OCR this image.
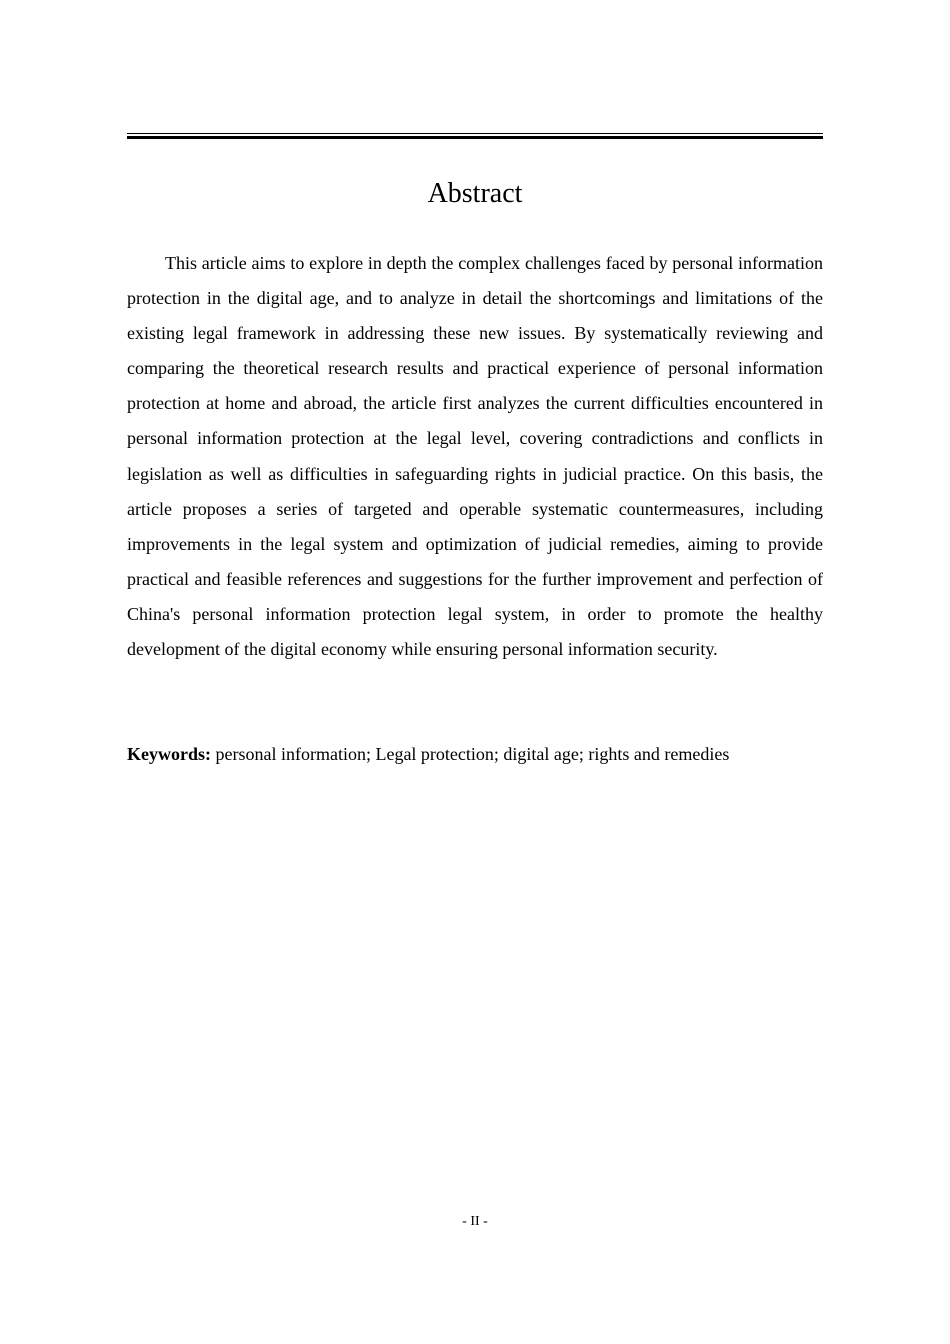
Abstract

This article aims to explore in depth the complex challenges faced by personal information protection in the digital age, and to analyze in detail the shortcomings and limitations of the existing legal framework in addressing these new issues. By systematically reviewing and comparing the theoretical research results and practical experience of personal information protection at home and abroad, the article first analyzes the current difficulties encountered in personal information protection at the legal level, covering contradictions and conflicts in legislation as well as difficulties in safeguarding rights in judicial practice. On this basis, the article proposes a series of targeted and operable systematic countermeasures, including improvements in the legal system and optimization of judicial remedies, aiming to provide practical and feasible references and suggestions for the further improvement and perfection of China's personal information protection legal system, in order to promote the healthy development of the digital economy while ensuring personal information security.

Keywords: personal information; Legal protection; digital age; rights and remedies

- II -
